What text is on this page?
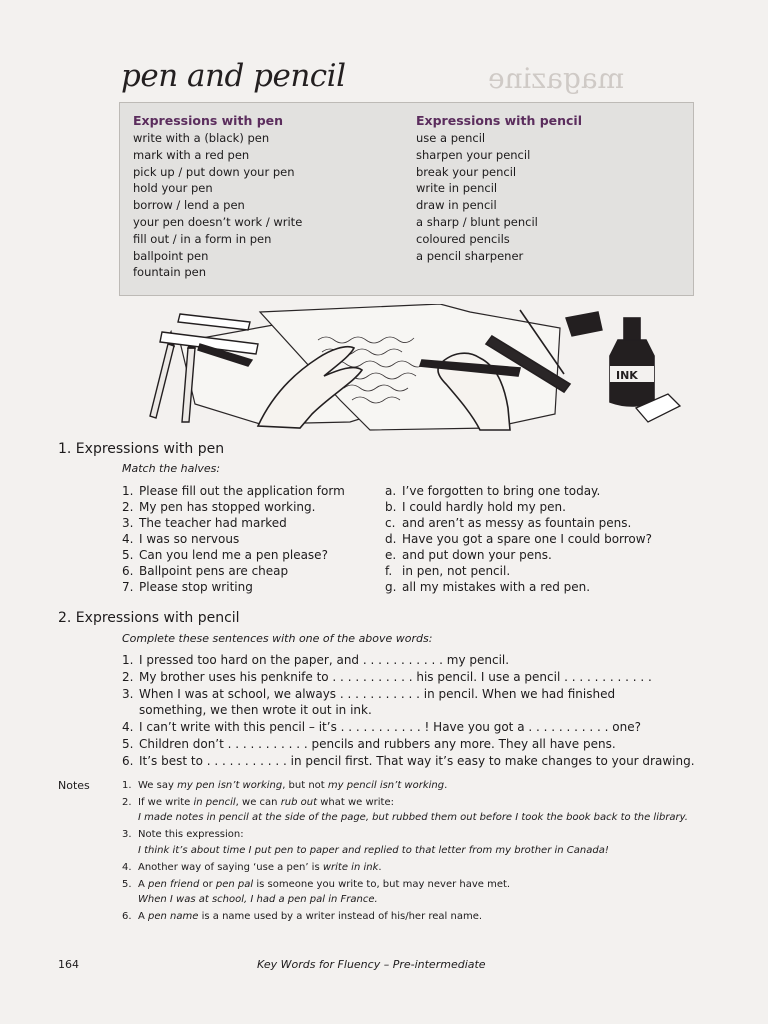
magazine
pen and pencil
Expressions with pen
write with a (black) pen
mark with a red pen
pick up / put down your pen
hold your pen
borrow / lend a pen
your pen doesn’t work / write
fill out / in a form in pen
ballpoint pen
fountain pen
Expressions with pencil
use a pencil
sharpen your pencil
break your pencil
write in pencil
draw in pencil
a sharp / blunt pencil
coloured pencils
a pencil sharpener
INK
1. Expressions with pen
Match the halves:
1. Please fill out the application form
2. My pen has stopped working.
3. The teacher had marked
4. I was so nervous
5. Can you lend me a pen please?
6. Ballpoint pens are cheap
7. Please stop writing
a. I’ve forgotten to bring one today.
b. I could hardly hold my pen.
c. and aren’t as messy as fountain pens.
d. Have you got a spare one I could borrow?
e. and put down your pens.
f. in pen, not pencil.
g. all my mistakes with a red pen.
2. Expressions with pencil
Complete these sentences with one of the above words:
1. I pressed too hard on the paper, and . . . . . . . . . . . my pencil.
2. My brother uses his penknife to . . . . . . . . . . . his pencil. I use a pencil . . . . . . . . . . . .
3. When I was at school, we always . . . . . . . . . . . in pencil. When we had finished
something, we then wrote it out in ink.
4. I can’t write with this pencil – it’s . . . . . . . . . . . ! Have you got a . . . . . . . . . . . one?
5. Children don’t . . . . . . . . . . . pencils and rubbers any more. They all have pens.
6. It’s best to . . . . . . . . . . . in pencil first. That way it’s easy to make changes to your drawing.
Notes	1. We say my pen isn’t working, but not my pencil isn’t working.
2. If we write in pencil, we can rub out what we write:
I made notes in pencil at the side of the page, but rubbed them out before I took the book back to the library.
3. Note this expression:
I think it’s about time I put pen to paper and replied to that letter from my brother in Canada!
4. Another way of saying ‘use a pen’ is write in ink.
5. A pen friend or pen pal is someone you write to, but may never have met.
When I was at school, I had a pen pal in France.
6. A pen name is a name used by a writer instead of his/her real name.
164	Key Words for Fluency – Pre-intermediate
